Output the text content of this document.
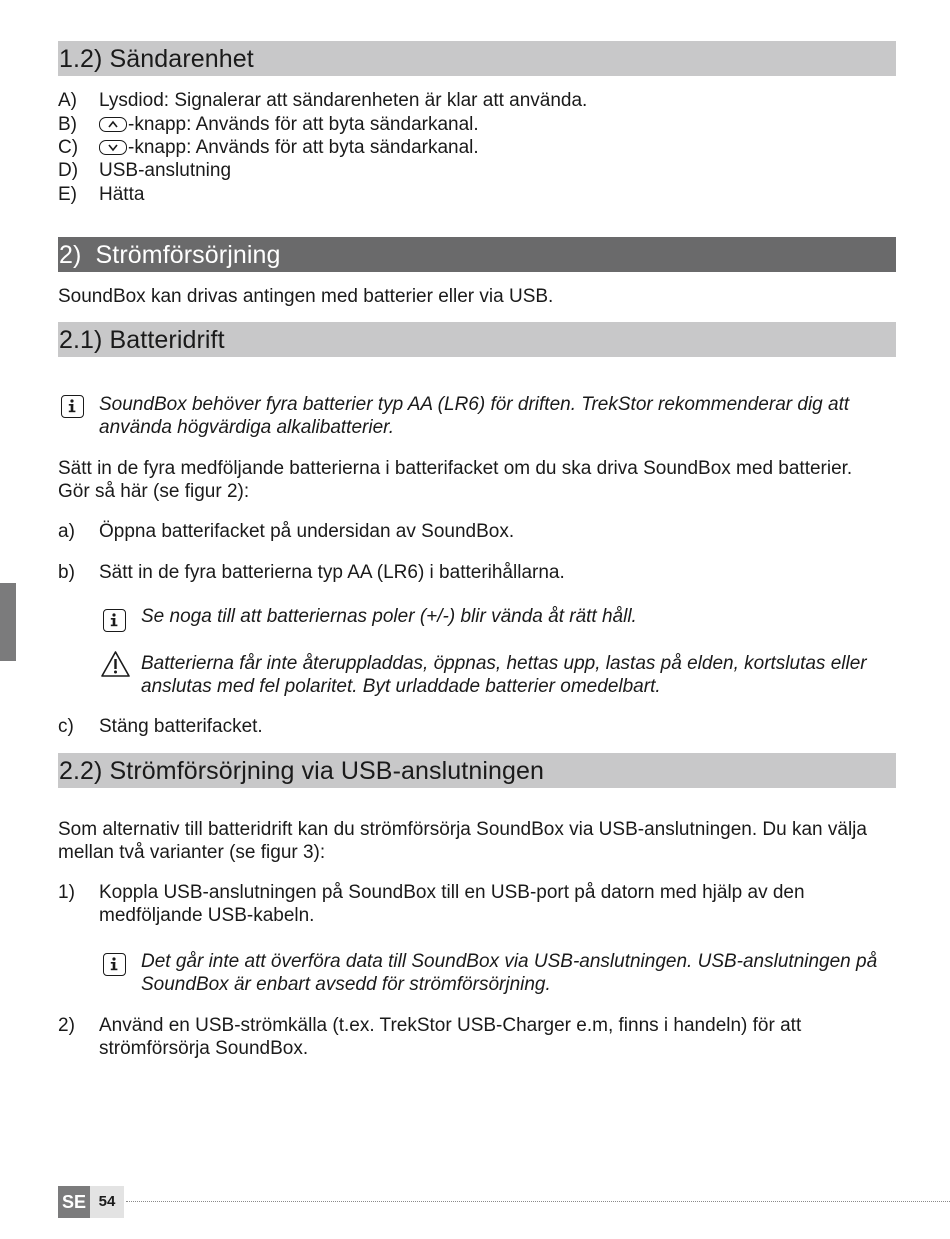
1.2) Sändarenhet
A) Lysdiod: Signalerar att sändarenheten är klar att använda.
B)	-knapp: Används för att byta sändarkanal.
C)	-knapp: Används för att byta sändarkanal.
D) USB-anslutning
E) Hätta
2)  Strömförsörjning
SoundBox kan drivas antingen med batterier eller via USB.
2.1) Batteridrift
SoundBox behöver fyra batterier typ AA (LR6) för driften. TrekStor rekommenderar dig att använda högvärdiga alkalibatterier.
Sätt in de fyra medföljande batterierna i batterifacket om du ska driva SoundBox med batterier. Gör så här (se figur 2):
a) Öppna batterifacket på undersidan av SoundBox.
b) Sätt in de fyra batterierna typ AA (LR6) i batterihållarna.
Se noga till att batteriernas poler (+/-) blir vända åt rätt håll.
Batterierna får inte återuppladdas, öppnas, hettas upp, lastas på elden, kortslutas eller anslutas med fel polaritet. Byt urladdade batterier omedelbart.
c) Stäng batterifacket.
2.2) Strömförsörjning via USB-anslutningen
Som alternativ till batteridrift kan du strömförsörja SoundBox via USB-anslutningen. Du kan välja mellan två varianter (se figur 3):
1) Koppla USB-anslutningen på SoundBox till en USB-port på datorn med hjälp av den medföljande USB-kabeln.
Det går inte att överföra data till SoundBox via USB-anslutningen. USB-anslutningen på SoundBox är enbart avsedd för strömförsörjning.
2) Använd en USB-strömkälla (t.ex. TrekStor USB-Charger e.m, finns i handeln) för att strömförsörja SoundBox.
SE 54
